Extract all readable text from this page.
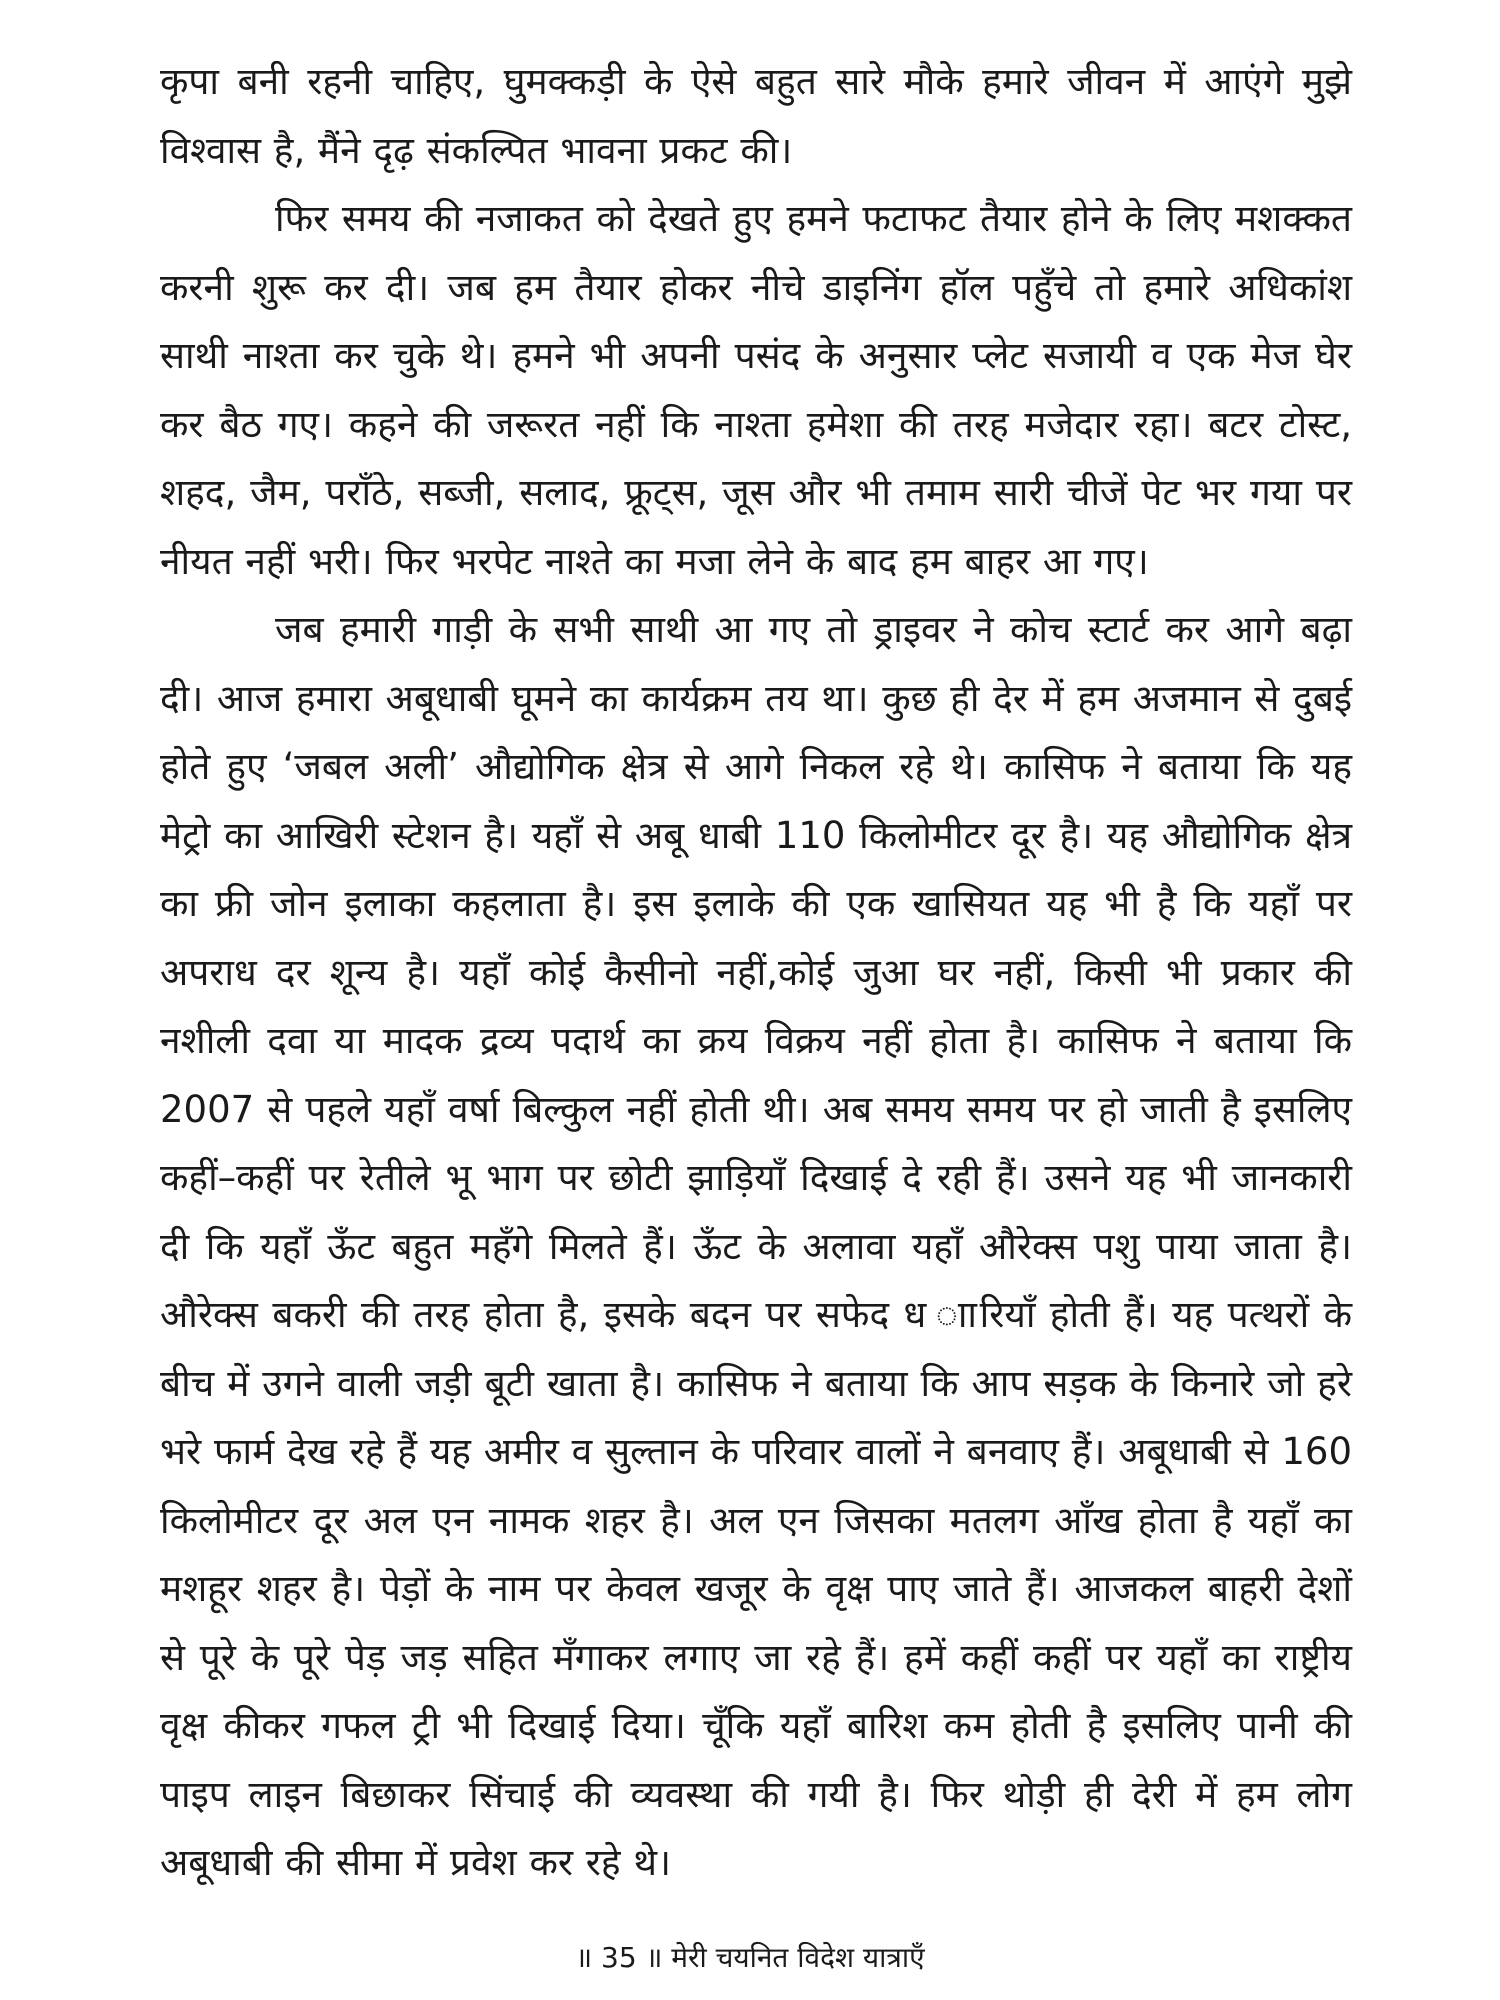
कृपा बनी रहनी चाहिए, घुमक्कड़ी के ऐसे बहुत सारे मौके हमारे जीवन में आएंगे मुझे विश्वास है, मैंने दृढ़ संकल्पित भावना प्रकट की।

फिर समय की नजाकत को देखते हुए हमने फटाफट तैयार होने के लिए मशक्कत करनी शुरू कर दी। जब हम तैयार होकर नीचे डाइनिंग हॉल पहुँचे तो हमारे अधिकांश साथी नाश्ता कर चुके थे। हमने भी अपनी पसंद के अनुसार प्लेट सजायी व एक मेज घेर कर बैठ गए। कहने की जरूरत नहीं कि नाश्ता हमेशा की तरह मजेदार रहा। बटर टोस्ट, शहद, जैम, पराँठे, सब्जी, सलाद, फ्रूट्स, जूस और भी तमाम सारी चीजें पेट भर गया पर नीयत नहीं भरी। फिर भरपेट नाश्ते का मजा लेने के बाद हम बाहर आ गए।

जब हमारी गाड़ी के सभी साथी आ गए तो ड्राइवर ने कोच स्टार्ट कर आगे बढ़ा दी। आज हमारा अबूधाबी घूमने का कार्यक्रम तय था। कुछ ही देर में हम अजमान से दुबई होते हुए ‘जबल अली’ औद्योगिक क्षेत्र से आगे निकल रहे थे। कासिफ ने बताया कि यह मेट्रो का आखिरी स्टेशन है। यहाँ से अबू धाबी 110 किलोमीटर दूर है। यह औद्योगिक क्षेत्र का फ्री जोन इलाका कहलाता है। इस इलाके की एक खासियत यह भी है कि यहाँ पर अपराध दर शून्य है। यहाँ कोई कैसीनो नहीं,कोई जुआ घर नहीं, किसी भी प्रकार की नशीली दवा या मादक द्रव्य पदार्थ का क्रय विक्रय नहीं होता है। कासिफ ने बताया कि 2007 से पहले यहाँ वर्षा बिल्कुल नहीं होती थी। अब समय समय पर हो जाती है इसलिए कहीं–कहीं पर रेतीले भू भाग पर छोटी झाड़ियाँ दिखाई दे रही हैं। उसने यह भी जानकारी दी कि यहाँ ऊँट बहुत महँगे मिलते हैं। ऊँट के अलावा यहाँ औरेक्स पशु पाया जाता है।औरेक्स बकरी की तरह होता है, इसके बदन पर सफेद ध ाारियाँ होती हैं। यह पत्थरों के बीच में उगने वाली जड़ी बूटी खाता है। कासिफ ने बताया कि आप सड़क के किनारे जो हरे भरे फार्म देख रहे हैं यह अमीर व सुल्तान के परिवार वालों ने बनवाए हैं। अबूधाबी से 160 किलोमीटर दूर अल एन नामक शहर है। अल एन जिसका मतलग आँख होता है यहाँ का मशहूर शहर है। पेड़ों के नाम पर केवल खजूर के वृक्ष पाए जाते हैं। आजकल बाहरी देशों से पूरे के पूरे पेड़ जड़ सहित मँगाकर लगाए जा रहे हैं। हमें कहीं कहीं पर यहाँ का राष्ट्रीय वृक्ष कीकर गफल ट्री भी दिखाई दिया। चूँकि यहाँ बारिश कम होती है इसलिए पानी की पाइप लाइन बिछाकर सिंचाई की व्यवस्था की गयी है। फिर थोड़ी ही देरी में हम लोग अबूधाबी की सीमा में प्रवेश कर रहे थे।

॥ 35 ॥ मेरी चयनित विदेश यात्राएँ
